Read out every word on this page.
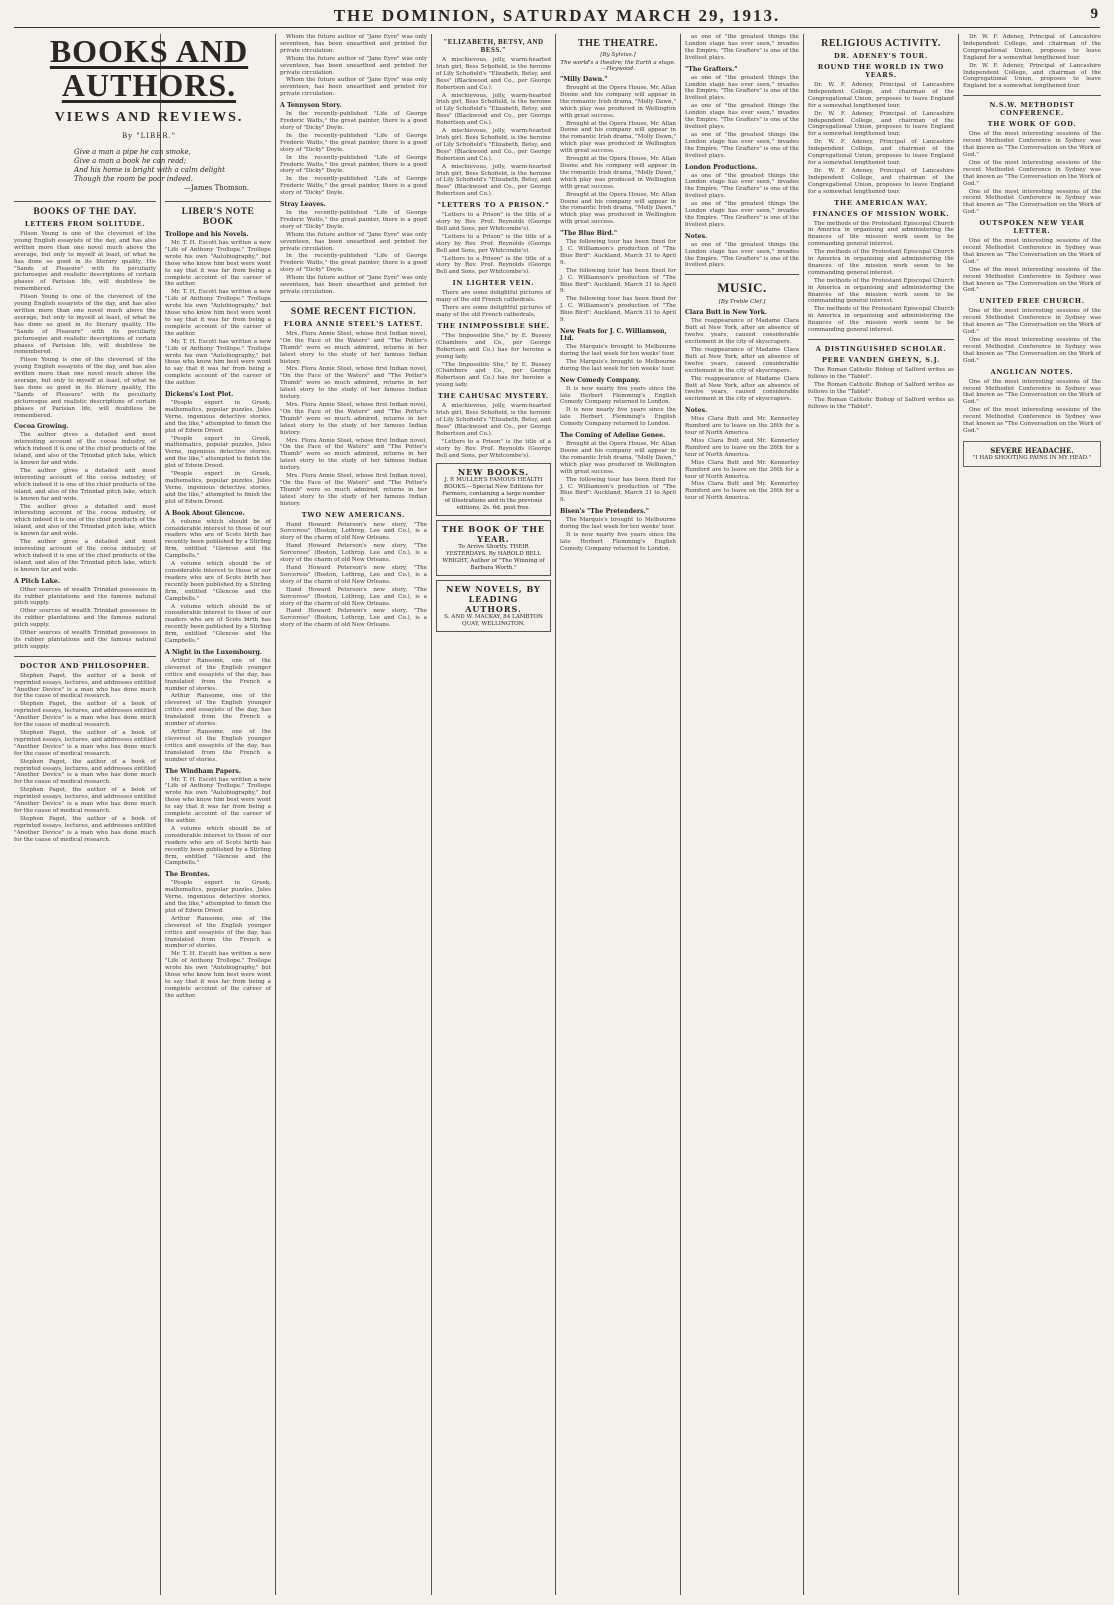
THE DOMINION, SATURDAY MARCH 29, 1913.	9
BOOKS AND AUTHORS.
VIEWS AND REVIEWS.
By "LIBER."
Give a man a pipe he can smoke,
Give a man a book he can read;
And his home is bright with a calm delight
Though the room be poor indeed.
—James Thomson.
BOOKS OF THE DAY.
LETTERS FROM SOLITUDE.

Filson Young is one of the cleverest of the young English essayists of the day, and has also written more than one novel much above the average, but only to myself at least, of what he has done so good in its literary quality, His "Sands of Pleasure" with its peculiarly picturesque and realistic descriptions of certain phases of Parisian life, will doubtless be remembered.

Filson Young is one of the cleverest of the young English essayists of the day, and has also written more than one novel much above the average, but only to myself at least, of what he has done so good in its literary quality, His "Sands of Pleasure" with its peculiarly picturesque and realistic descriptions of certain phases of Parisian life, will doubtless be remembered.

Filson Young is one of the cleverest of the young English essayists of the day, and has also written more than one novel much above the average, but only to myself at least, of what he has done so good in its literary quality, His "Sands of Pleasure" with its peculiarly picturesque and realistic descriptions of certain phases of Parisian life, will doubtless be remembered.

Cocoa Growing.

The author gives a detailed and most interesting account of the cocoa industry, of which indeed it is one of the chief products of the island, and also of the Trinidad pitch lake, which is known far and wide.

The author gives a detailed and most interesting account of the cocoa industry, of which indeed it is one of the chief products of the island, and also of the Trinidad pitch lake, which is known far and wide.

The author gives a detailed and most interesting account of the cocoa industry, of which indeed it is one of the chief products of the island, and also of the Trinidad pitch lake, which is known far and wide.

The author gives a detailed and most interesting account of the cocoa industry, of which indeed it is one of the chief products of the island, and also of the Trinidad pitch lake, which is known far and wide.

A Pitch Lake.

Other sources of wealth Trinidad possesses in its rubber plantations and the famous natural pitch supply.

Other sources of wealth Trinidad possesses in its rubber plantations and the famous natural pitch supply.

Other sources of wealth Trinidad possesses in its rubber plantations and the famous natural pitch supply.

DOCTOR AND PHILOSOPHER.

Stephen Paget, the author of a book of reprinted essays, lectures, and addresses entitled "Another Device" is a man who has done much for the cause of medical research.

Stephen Paget, the author of a book of reprinted essays, lectures, and addresses entitled "Another Device" is a man who has done much for the cause of medical research.

Stephen Paget, the author of a book of reprinted essays, lectures, and addresses entitled "Another Device" is a man who has done much for the cause of medical research.

Stephen Paget, the author of a book of reprinted essays, lectures, and addresses entitled "Another Device" is a man who has done much for the cause of medical research.

Stephen Paget, the author of a book of reprinted essays, lectures, and addresses entitled "Another Device" is a man who has done much for the cause of medical research.

Stephen Paget, the author of a book of reprinted essays, lectures, and addresses entitled "Another Device" is a man who has done much for the cause of medical research.

LIBER'S NOTE BOOK
Trollope and his Novels.

Mr. T. H. Escott has written a new "Life of Anthony Trollope." Trollope wrote his own "Autobiography," but those who know him best were wont to say that it was far from being a complete account of the career of the author.

Mr. T. H. Escott has written a new "Life of Anthony Trollope." Trollope wrote his own "Autobiography," but those who know him best were wont to say that it was far from being a complete account of the career of the author.

Mr. T. H. Escott has written a new "Life of Anthony Trollope." Trollope wrote his own "Autobiography," but those who know him best were wont to say that it was far from being a complete account of the career of the author.

Dickens's Lost Plot.

"People expert in Greek, mathematics, popular puzzles, Jules Verne, ingenious detective stories, and the like," attempted to finish the plot of Edwin Drood.

"People expert in Greek, mathematics, popular puzzles, Jules Verne, ingenious detective stories, and the like," attempted to finish the plot of Edwin Drood.

"People expert in Greek, mathematics, popular puzzles, Jules Verne, ingenious detective stories, and the like," attempted to finish the plot of Edwin Drood.

A Book About Glencoe.

A volume which should be of considerable interest to those of our readers who are of Scots birth has recently been published by a Stirling firm, entitled "Glencoe and the Campbells."

A volume which should be of considerable interest to those of our readers who are of Scots birth has recently been published by a Stirling firm, entitled "Glencoe and the Campbells."

A volume which should be of considerable interest to those of our readers who are of Scots birth has recently been published by a Stirling firm, entitled "Glencoe and the Campbells."

A Night in the Luxembourg.

Arthur Ransome, one of the cleverest of the English younger critics and essayists of the day, has translated from the French a number of stories.

Arthur Ransome, one of the cleverest of the English younger critics and essayists of the day, has translated from the French a number of stories.

Arthur Ransome, one of the cleverest of the English younger critics and essayists of the day, has translated from the French a number of stories.

The Windham Papers.

Mr. T. H. Escott has written a new "Life of Anthony Trollope." Trollope wrote his own "Autobiography," but those who know him best were wont to say that it was far from being a complete account of the career of the author.

A volume which should be of considerable interest to those of our readers who are of Scots birth has recently been published by a Stirling firm, entitled "Glencoe and the Campbells."

The Brontes.

"People expert in Greek, mathematics, popular puzzles, Jules Verne, ingenious detective stories, and the like," attempted to finish the plot of Edwin Drood.

Arthur Ransome, one of the cleverest of the English younger critics and essayists of the day, has translated from the French a number of stories.

Mr. T. H. Escott has written a new "Life of Anthony Trollope." Trollope wrote his own "Autobiography," but those who know him best were wont to say that it was far from being a complete account of the career of the author.

Whom the future author of "Jane Eyre" was only seventeen, has been unearthed and printed for private circulation.

Whom the future author of "Jane Eyre" was only seventeen, has been unearthed and printed for private circulation.

Whom the future author of "Jane Eyre" was only seventeen, has been unearthed and printed for private circulation.

A Tennyson Story.

In the recently-published "Life of George Frederic Watts," the great painter, there is a good story of "Dicky" Doyle.

In the recently-published "Life of George Frederic Watts," the great painter, there is a good story of "Dicky" Doyle.

In the recently-published "Life of George Frederic Watts," the great painter, there is a good story of "Dicky" Doyle.

In the recently-published "Life of George Frederic Watts," the great painter, there is a good story of "Dicky" Doyle.

Stray Leaves.

In the recently-published "Life of George Frederic Watts," the great painter, there is a good story of "Dicky" Doyle.

Whom the future author of "Jane Eyre" was only seventeen, has been unearthed and printed for private circulation.

In the recently-published "Life of George Frederic Watts," the great painter, there is a good story of "Dicky" Doyle.

Whom the future author of "Jane Eyre" was only seventeen, has been unearthed and printed for private circulation.

SOME RECENT FICTION.
FLORA ANNIE STEEL'S LATEST.

Mrs. Flora Annie Steel, whose first Indian novel, "On the Face of the Waters" and "The Potter's Thumb" were so much admired, returns in her latest story to the study of her famous Indian history.

Mrs. Flora Annie Steel, whose first Indian novel, "On the Face of the Waters" and "The Potter's Thumb" were so much admired, returns in her latest story to the study of her famous Indian history.

Mrs. Flora Annie Steel, whose first Indian novel, "On the Face of the Waters" and "The Potter's Thumb" were so much admired, returns in her latest story to the study of her famous Indian history.

Mrs. Flora Annie Steel, whose first Indian novel, "On the Face of the Waters" and "The Potter's Thumb" were so much admired, returns in her latest story to the study of her famous Indian history.

Mrs. Flora Annie Steel, whose first Indian novel, "On the Face of the Waters" and "The Potter's Thumb" were so much admired, returns in her latest story to the study of her famous Indian history.

TWO NEW AMERICANS.

Hand Howard Peterson's new story, "The Sorceress" (Boston, Lothrop, Lee and Co.), is a story of the charm of old New Orleans.

Hand Howard Peterson's new story, "The Sorceress" (Boston, Lothrop, Lee and Co.), is a story of the charm of old New Orleans.

Hand Howard Peterson's new story, "The Sorceress" (Boston, Lothrop, Lee and Co.), is a story of the charm of old New Orleans.

Hand Howard Peterson's new story, "The Sorceress" (Boston, Lothrop, Lee and Co.), is a story of the charm of old New Orleans.

Hand Howard Peterson's new story, "The Sorceress" (Boston, Lothrop, Lee and Co.), is a story of the charm of old New Orleans.

"ELIZABETH, BETSY, AND BESS."

A mischievous, jolly, warm-hearted Irish girl, Bess Schofield, is the heroine of Lily Schofield's "Elizabeth, Betsy, and Bess" (Blackwood and Co., per George Robertson and Co.).

A mischievous, jolly, warm-hearted Irish girl, Bess Schofield, is the heroine of Lily Schofield's "Elizabeth, Betsy, and Bess" (Blackwood and Co., per George Robertson and Co.).

A mischievous, jolly, warm-hearted Irish girl, Bess Schofield, is the heroine of Lily Schofield's "Elizabeth, Betsy, and Bess" (Blackwood and Co., per George Robertson and Co.).

A mischievous, jolly, warm-hearted Irish girl, Bess Schofield, is the heroine of Lily Schofield's "Elizabeth, Betsy, and Bess" (Blackwood and Co., per George Robertson and Co.).

"LETTERS TO A PRISON."

"Letters to a Prison" is the title of a story by Rev. Prof. Reynolds (George Bell and Sons, per Whitcombe's).

"Letters to a Prison" is the title of a story by Rev. Prof. Reynolds (George Bell and Sons, per Whitcombe's).

"Letters to a Prison" is the title of a story by Rev. Prof. Reynolds (George Bell and Sons, per Whitcombe's).

IN LIGHTER VEIN.

There are some delightful pictures of many of the old French cathedrals.

There are some delightful pictures of many of the old French cathedrals.

THE INIMPOSSIBLE SHE.

"The Impossible She," by E. Bussey (Chambers and Co., per George Robertson and Co.) has for heroine a young lady.

"The Impossible She," by E. Bussey (Chambers and Co., per George Robertson and Co.) has for heroine a young lady.

THE CAHUSAC MYSTERY.

A mischievous, jolly, warm-hearted Irish girl, Bess Schofield, is the heroine of Lily Schofield's "Elizabeth, Betsy, and Bess" (Blackwood and Co., per George Robertson and Co.).

"Letters to a Prison" is the title of a story by Rev. Prof. Reynolds (George Bell and Sons, per Whitcombe's).

NEW BOOKS.
J. P. MULLER'S FAMOUS HEALTH BOOKS.—Special New Editions for Farmers, containing a large number of illustrations and in the previous editions, 2s. 6d. post free.
THE BOOK OF THE YEAR.
To Arrive Shortly. THEIR YESTERDAYS. By HAROLD BELL WRIGHT, Author of "The Winning of Barbara Worth."
NEW NOVELS, BY LEADING AUTHORS.
S. AND W. MACKAY, 84 LAMBTON QUAY, WELLINGTON.
THE THEATRE.
[By Sylvius.]
The world's a theatre; the Earth a stage.—Heywood.
"Milly Dawn."

Brought at the Opera House, Mr. Allan Doone and his company will appear in the romantic Irish drama, "Molly Dawn," which play was produced in Wellington with great success.

Brought at the Opera House, Mr. Allan Doone and his company will appear in the romantic Irish drama, "Molly Dawn," which play was produced in Wellington with great success.

Brought at the Opera House, Mr. Allan Doone and his company will appear in the romantic Irish drama, "Molly Dawn," which play was produced in Wellington with great success.

Brought at the Opera House, Mr. Allan Doone and his company will appear in the romantic Irish drama, "Molly Dawn," which play was produced in Wellington with great success.

"The Blue Bird."

The following tour has been fixed for J. C. Williamson's production of "The Blue Bird": Auckland, March 31 to April 9.

The following tour has been fixed for J. C. Williamson's production of "The Blue Bird": Auckland, March 31 to April 9.

The following tour has been fixed for J. C. Williamson's production of "The Blue Bird": Auckland, March 31 to April 9.

New Feats for J. C. Williamson, Ltd.

The Marquis's brought to Melbourne during the last week for ten weeks' tour.

The Marquis's brought to Melbourne during the last week for ten weeks' tour.

New Comedy Company.

It is now nearly five years since the late Herbert Flemming's English Comedy Company returned to London.

It is now nearly five years since the late Herbert Flemming's English Comedy Company returned to London.

The Coming of Adeline Genee.

Brought at the Opera House, Mr. Allan Doone and his company will appear in the romantic Irish drama, "Molly Dawn," which play was produced in Wellington with great success.

The following tour has been fixed for J. C. Williamson's production of "The Blue Bird": Auckland, March 31 to April 9.

Bisen's "The Pretenders."

The Marquis's brought to Melbourne during the last week for ten weeks' tour.

It is now nearly five years since the late Herbert Flemming's English Comedy Company returned to London.

as one of "the greatest things the London stage has ever seen," invades the Empire. "The Grafters" is one of the liveliest plays.

"The Grafters."

as one of "the greatest things the London stage has ever seen," invades the Empire. "The Grafters" is one of the liveliest plays.

as one of "the greatest things the London stage has ever seen," invades the Empire. "The Grafters" is one of the liveliest plays.

as one of "the greatest things the London stage has ever seen," invades the Empire. "The Grafters" is one of the liveliest plays.

London Productions.

as one of "the greatest things the London stage has ever seen," invades the Empire. "The Grafters" is one of the liveliest plays.

as one of "the greatest things the London stage has ever seen," invades the Empire. "The Grafters" is one of the liveliest plays.

Notes.

as one of "the greatest things the London stage has ever seen," invades the Empire. "The Grafters" is one of the liveliest plays.

MUSIC.
[By Treble Clef.]
Clara Butt in New York.

The reappearance of Madame Clara Butt at New York, after an absence of twelve years, caused considerable excitement in the city of skyscrapers.

The reappearance of Madame Clara Butt at New York, after an absence of twelve years, caused considerable excitement in the city of skyscrapers.

The reappearance of Madame Clara Butt at New York, after an absence of twelve years, caused considerable excitement in the city of skyscrapers.

Notes.

Miss Clara Butt and Mr. Kennerley Rumford are to leave on the 26th for a tour of North America.

Miss Clara Butt and Mr. Kennerley Rumford are to leave on the 26th for a tour of North America.

Miss Clara Butt and Mr. Kennerley Rumford are to leave on the 26th for a tour of North America.

Miss Clara Butt and Mr. Kennerley Rumford are to leave on the 26th for a tour of North America.

RELIGIOUS ACTIVITY.
DR. ADENEY'S TOUR.
ROUND THE WORLD IN TWO YEARS.

Dr. W. F. Adeney, Principal of Lancashire Independent College, and chairman of the Congregational Union, proposes to leave England for a somewhat lengthened tour.

Dr. W. F. Adeney, Principal of Lancashire Independent College, and chairman of the Congregational Union, proposes to leave England for a somewhat lengthened tour.

Dr. W. F. Adeney, Principal of Lancashire Independent College, and chairman of the Congregational Union, proposes to leave England for a somewhat lengthened tour.

Dr. W. F. Adeney, Principal of Lancashire Independent College, and chairman of the Congregational Union, proposes to leave England for a somewhat lengthened tour.

THE AMERICAN WAY.
FINANCES OF MISSION WORK.

The methods of the Protestant Episcopal Church in America in organising and administering the finances of the mission work seem to be commanding general interest.

The methods of the Protestant Episcopal Church in America in organising and administering the finances of the mission work seem to be commanding general interest.

The methods of the Protestant Episcopal Church in America in organising and administering the finances of the mission work seem to be commanding general interest.

The methods of the Protestant Episcopal Church in America in organising and administering the finances of the mission work seem to be commanding general interest.

A DISTINGUISHED SCHOLAR.
PERE VANDEN GHEYN, S.J.

The Roman Catholic Bishop of Salford writes as follows in the "Tablet".

The Roman Catholic Bishop of Salford writes as follows in the "Tablet".

The Roman Catholic Bishop of Salford writes as follows in the "Tablet".

Dr. W. F. Adeney, Principal of Lancashire Independent College, and chairman of the Congregational Union, proposes to leave England for a somewhat lengthened tour.

Dr. W. F. Adeney, Principal of Lancashire Independent College, and chairman of the Congregational Union, proposes to leave England for a somewhat lengthened tour.

N.S.W. METHODIST CONFERENCE.
THE WORK OF GOD.

One of the most interesting sessions of the recent Methodist Conference in Sydney was that known as "The Conversation on the Work of God."

One of the most interesting sessions of the recent Methodist Conference in Sydney was that known as "The Conversation on the Work of God."

One of the most interesting sessions of the recent Methodist Conference in Sydney was that known as "The Conversation on the Work of God."

OUTSPOKEN NEW YEAR LETTER.

One of the most interesting sessions of the recent Methodist Conference in Sydney was that known as "The Conversation on the Work of God."

One of the most interesting sessions of the recent Methodist Conference in Sydney was that known as "The Conversation on the Work of God."

UNITED FREE CHURCH.

One of the most interesting sessions of the recent Methodist Conference in Sydney was that known as "The Conversation on the Work of God."

One of the most interesting sessions of the recent Methodist Conference in Sydney was that known as "The Conversation on the Work of God."

ANGLICAN NOTES.

One of the most interesting sessions of the recent Methodist Conference in Sydney was that known as "The Conversation on the Work of God."

One of the most interesting sessions of the recent Methodist Conference in Sydney was that known as "The Conversation on the Work of God."

SEVERE HEADACHE.
"I HAD SHOOTING PAINS IN MY HEAD."
